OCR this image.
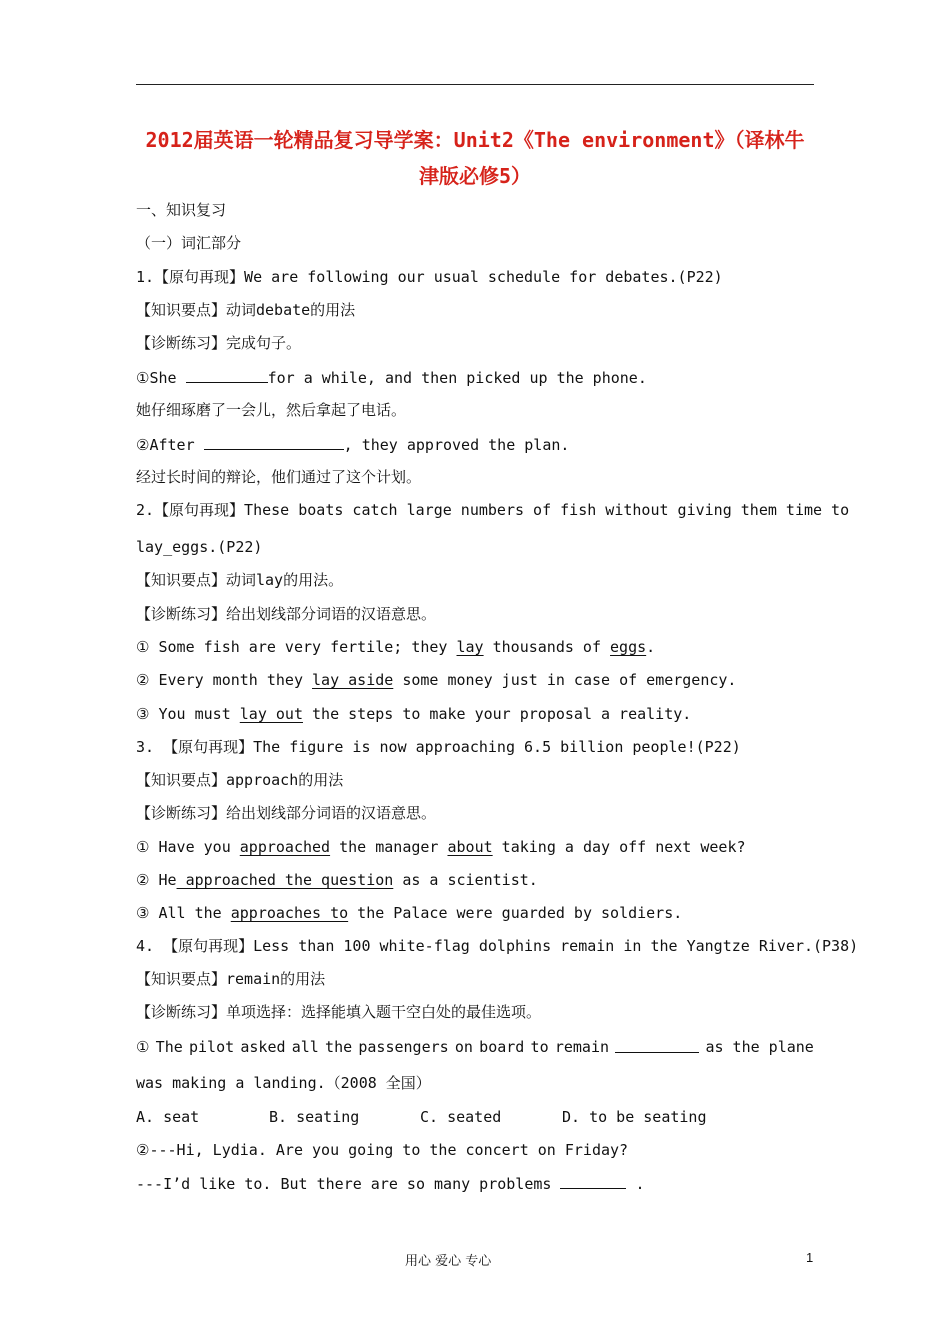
2012届英语一轮精品复习导学案：Unit2《The environment》（译林牛
津版必修5）
一、知识复习
（一）词汇部分
1.【原句再现】We are following our usual schedule for debates.(P22)
【知识要点】动词debate的用法
【诊断练习】完成句子。
①She	for a while, and then picked up the phone.
她仔细琢磨了一会儿，然后拿起了电话。
②After	, they approved the plan.
经过长时间的辩论，他们通过了这个计划。
2.【原句再现】These boats catch large numbers of fish without giving them time to
lay_eggs.(P22)
【知识要点】动词lay的用法。
【诊断练习】给出划线部分词语的汉语意思。
① Some fish are very fertile; they lay thousands of eggs.
② Every month they lay aside some money just in case of emergency.
③ You must lay out the steps to make your proposal a reality.
3. 【原句再现】The figure is now approaching 6.5 billion people!(P22)
【知识要点】approach的用法
【诊断练习】给出划线部分词语的汉语意思。
① Have you approached the manager about taking a day off next week?
② He approached the question as a scientist.
③ All the approaches to the Palace were guarded by soldiers.
4. 【原句再现】Less than 100 white-flag dolphins remain in the Yangtze River.(P38)
【知识要点】remain的用法
【诊断练习】单项选择：选择能填入题干空白处的最佳选项。
① The pilot asked all the passengers on board to remain	as the plane
was making a landing.（2008 全国）
A. seat	B. seating	C. seated	D. to be seating
②---Hi, Lydia. Are you going to the concert on Friday?
---I’d like to. But there are so many problems	.
用心 爱心 专心	1
